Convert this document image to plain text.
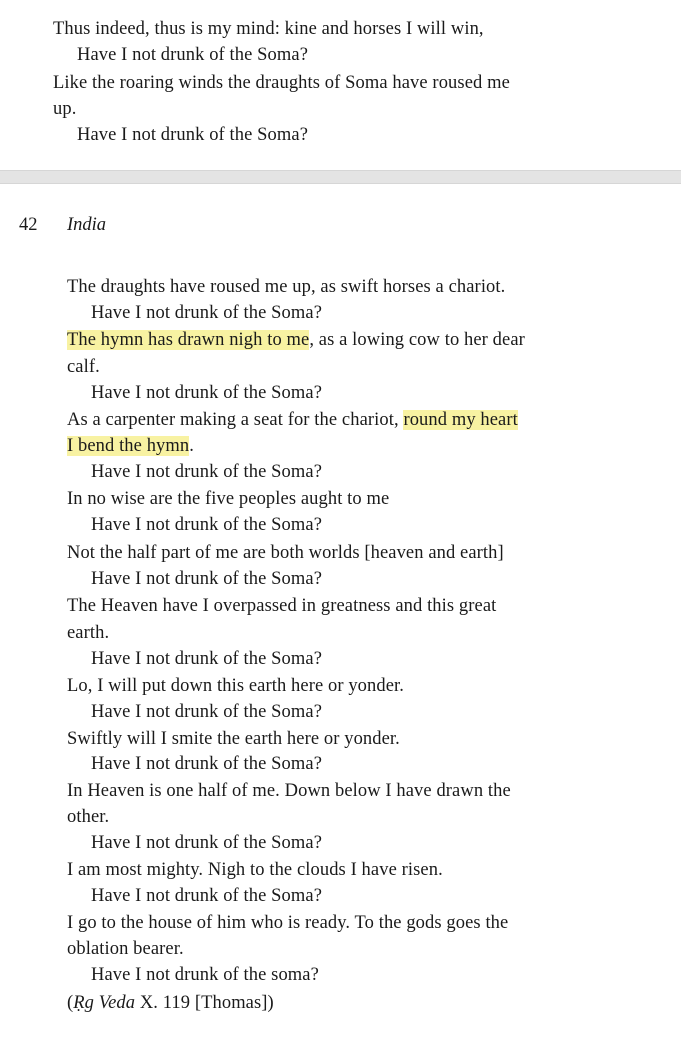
Thus indeed, thus is my mind: kine and horses I will win,
Have I not drunk of the Soma?
Like the roaring winds the draughts of Soma have roused me
up.
Have I not drunk of the Soma?
42 India
The draughts have roused me up, as swift horses a chariot.
Have I not drunk of the Soma?
The hymn has drawn nigh to me, as a lowing cow to her dear
calf.
Have I not drunk of the Soma?
As a carpenter making a seat for the chariot, round my heart
I bend the hymn.
Have I not drunk of the Soma?
In no wise are the five peoples aught to me
Have I not drunk of the Soma?
Not the half part of me are both worlds [heaven and earth]
Have I not drunk of the Soma?
The Heaven have I overpassed in greatness and this great
earth.
Have I not drunk of the Soma?
Lo, I will put down this earth here or yonder.
Have I not drunk of the Soma?
Swiftly will I smite the earth here or yonder.
Have I not drunk of the Soma?
In Heaven is one half of me. Down below I have drawn the
other.
Have I not drunk of the Soma?
I am most mighty. Nigh to the clouds I have risen.
Have I not drunk of the Soma?
I go to the house of him who is ready. To the gods goes the
oblation bearer.
Have I not drunk of the soma?
(Ṛg Veda X. 119 [Thomas])
